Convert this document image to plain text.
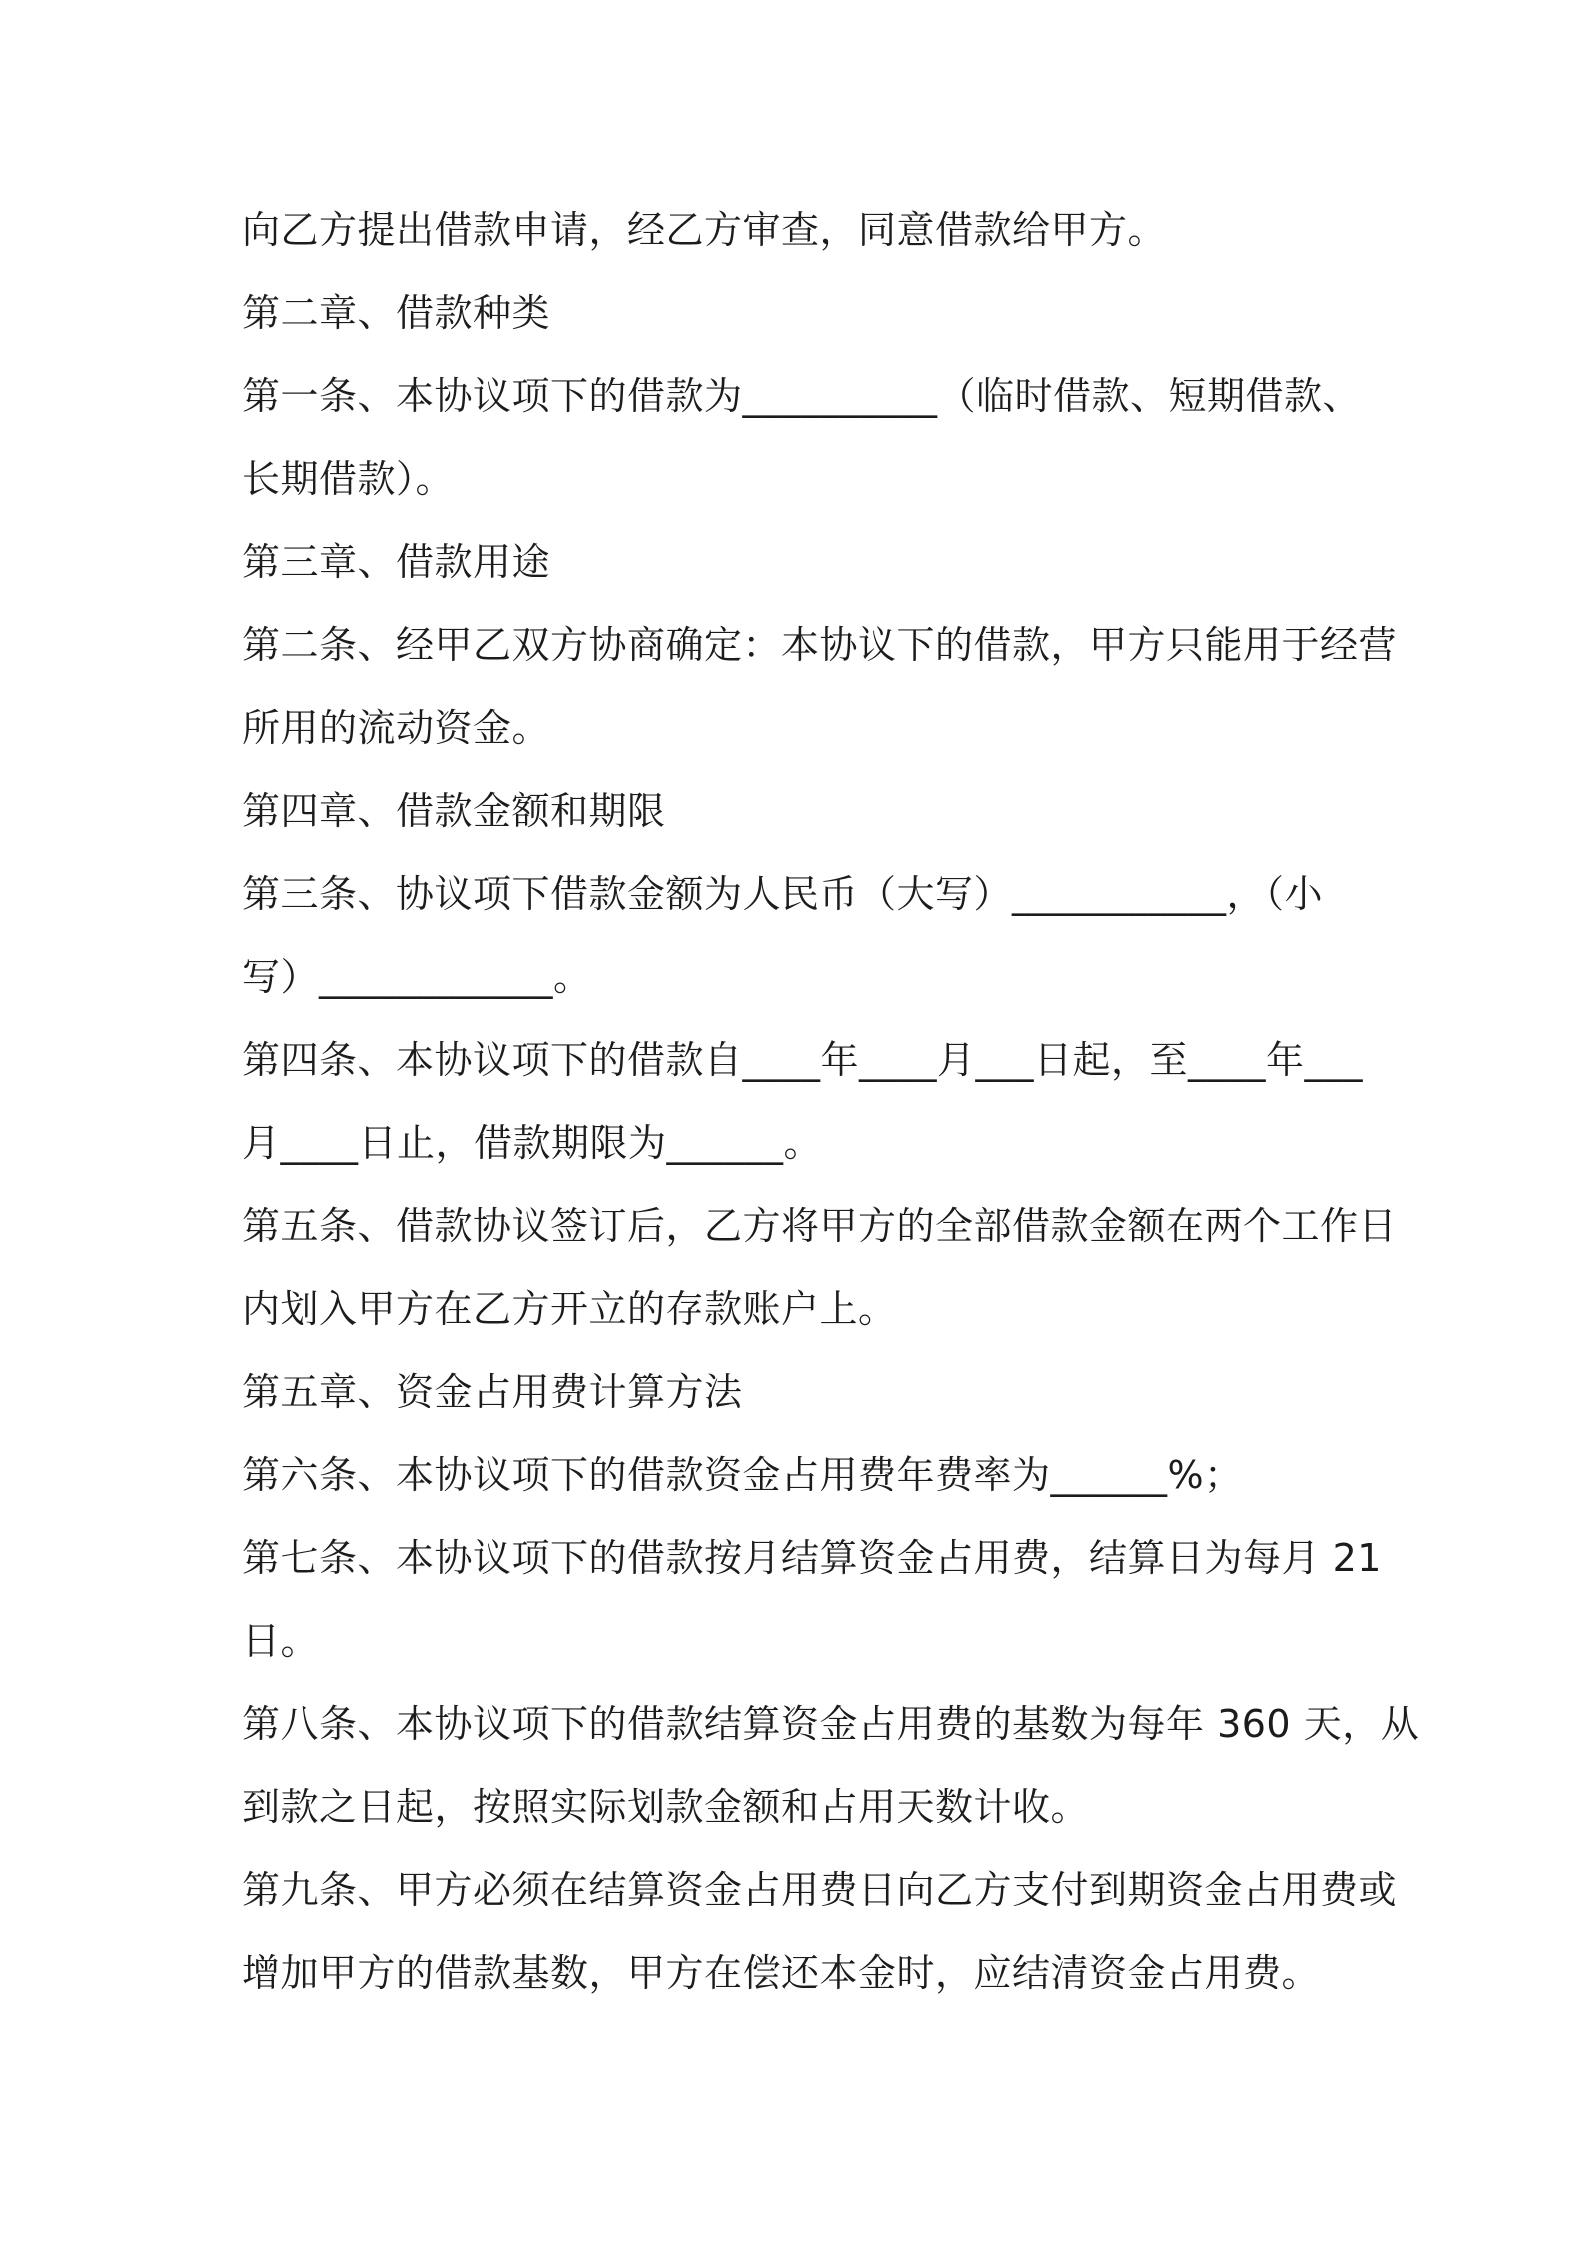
向乙方提出借款申请，经乙方审查，同意借款给甲方。
第二章、借款种类
第一条、本协议项下的借款为__________（临时借款、短期借款、
长期借款）。
第三章、借款用途
第二条、经甲乙双方协商确定：本协议下的借款，甲方只能用于经营
所用的流动资金。
第四章、借款金额和期限
第三条、协议项下借款金额为人民币（大写）___________，（小
写）____________。
第四条、本协议项下的借款自____年____月___日起，至____年___
月____日止，借款期限为______。
第五条、借款协议签订后，乙方将甲方的全部借款金额在两个工作日
内划入甲方在乙方开立的存款账户上。
第五章、资金占用费计算方法
第六条、本协议项下的借款资金占用费年费率为______%；
第七条、本协议项下的借款按月结算资金占用费，结算日为每月 21
日。
第八条、本协议项下的借款结算资金占用费的基数为每年 360 天，从
到款之日起，按照实际划款金额和占用天数计收。
第九条、甲方必须在结算资金占用费日向乙方支付到期资金占用费或
增加甲方的借款基数，甲方在偿还本金时，应结清资金占用费。
